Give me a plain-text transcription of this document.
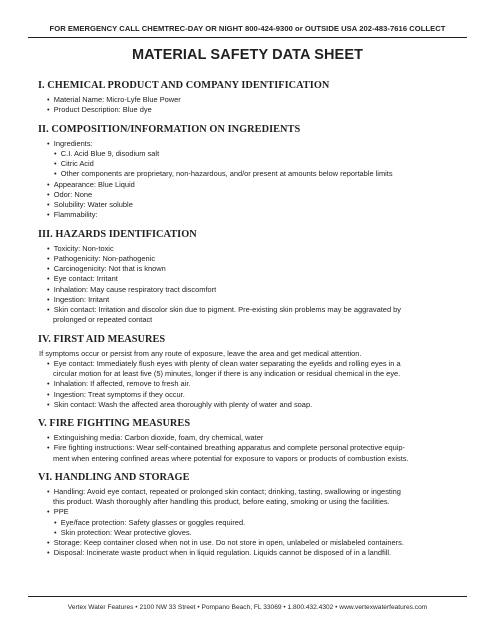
FOR EMERGENCY CALL CHEMTREC-DAY OR NIGHT 800-424-9300 or OUTSIDE USA 202-483-7616 COLLECT
MATERIAL SAFETY DATA SHEET
I. CHEMICAL PRODUCT AND COMPANY IDENTIFICATION
•  Material Name: Micro-Lyfe Blue Power
•  Product Description: Blue dye
II. COMPOSITION/INFORMATION ON INGREDIENTS
•  Ingredients:
•  C.I. Acid Blue 9, disodium salt
•  Citric Acid
•  Other components are proprietary, non-hazardous, and/or present at amounts below reportable limits
•  Appearance: Blue Liquid
•  Odor: None
•  Solubility: Water soluble
•  Flammability:
III. HAZARDS IDENTIFICATION
•  Toxicity: Non-toxic
•  Pathogenicity: Non-pathogenic
•  Carcinogenicity: Not that is known
•  Eye contact: Irritant
•  Inhalation: May cause respiratory tract discomfort
•  Ingestion: Irritant
•  Skin contact: Irritation and discolor skin due to pigment. Pre-existing skin problems may be aggravated by
prolonged or repeated contact
IV. FIRST AID MEASURES
If symptoms occur or persist from any route of exposure, leave the area and get medical attention.
•  Eye contact: Immediately flush eyes with plenty of clean water separating the eyelids and rolling eyes in a
circular motion for at least five (5) minutes, longer if there is any indication or residual chemical in the eye.
•  Inhalation: If affected, remove to fresh air.
•  Ingestion: Treat symptoms if they occur.
•  Skin contact: Wash the affected area thoroughly with plenty of water and soap.
V. FIRE FIGHTING MEASURES
•  Extinguishing media: Carbon dioxide, foam, dry chemical, water
•  Fire fighting instructions: Wear self-contained breathing apparatus and complete personal protective equip-
ment when entering confined areas where potential for exposure to vapors or products of combustion exists.
VI. HANDLING AND STORAGE
•  Handling: Avoid eye contact, repeated or prolonged skin contact; drinking, tasting, swallowing or ingesting
this product. Wash thoroughly after handling this product, before eating, smoking or using the facilities.
•  PPE
•  Eye/face protection: Safety glasses or goggles required.
•  Skin protection: Wear protective gloves.
•  Storage: Keep container closed when not in use. Do not store in open, unlabeled or mislabeled containers.
•  Disposal: Incinerate waste product when in liquid regulation. Liquids cannot be disposed of in a landfill.
Vertex Water Features • 2100 NW 33 Street • Pompano Beach, FL 33069 • 1.800.432.4302 • www.vertexwaterfeatures.com
